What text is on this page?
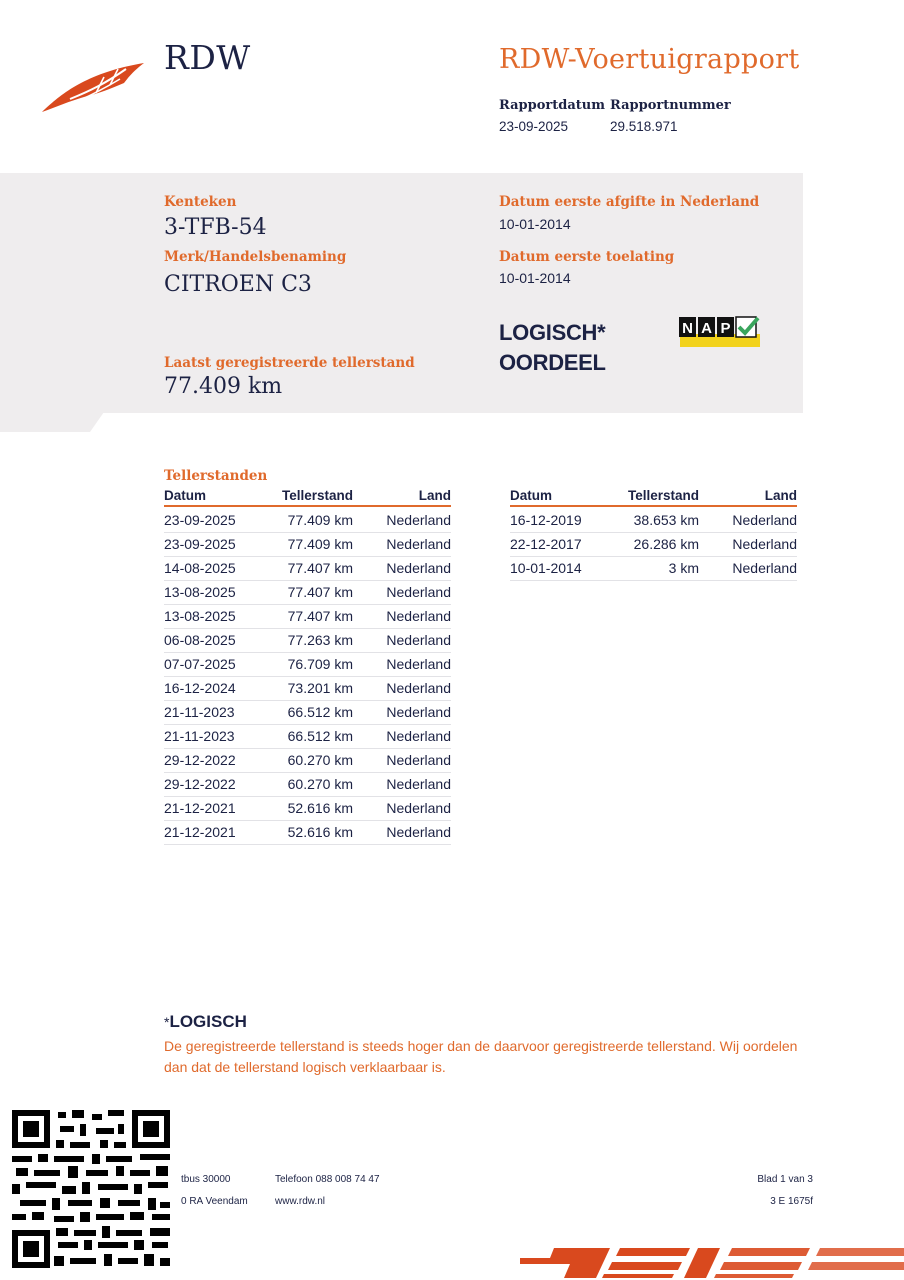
RDW	RDW-Voertuigrapport
Rapportdatum
23-09-2025
Rapportnummer
29.518.971
Kenteken
3-TFB-54
Merk/Handelsbenaming
CITROEN C3
Laatst geregistreerde tellerstand
77.409 km
Datum eerste afgifte in Nederland
10-01-2014
Datum eerste toelating
10-01-2014
LOGISCH*
OORDEEL
N A P
Tellerstanden
Datum	Tellerstand	Land
23-09-2025	77.409 km	Nederland
23-09-2025	77.409 km	Nederland
14-08-2025	77.407 km	Nederland
13-08-2025	77.407 km	Nederland
13-08-2025	77.407 km	Nederland
06-08-2025	77.263 km	Nederland
07-07-2025	76.709 km	Nederland
16-12-2024	73.201 km	Nederland
21-11-2023	66.512 km	Nederland
21-11-2023	66.512 km	Nederland
29-12-2022	60.270 km	Nederland
29-12-2022	60.270 km	Nederland
21-12-2021	52.616 km	Nederland
21-12-2021	52.616 km	Nederland
Datum	Tellerstand	Land
16-12-2019	38.653 km	Nederland
22-12-2017	26.286 km	Nederland
10-01-2014	3 km	Nederland
*LOGISCH
De geregistreerde tellerstand is steeds hoger dan de daarvoor geregistreerde tellerstand. Wij oordelen dan dat de tellerstand logisch verklaarbaar is.
tbus 30000
0 RA Veendam
Telefoon 088 008 74 47
www.rdw.nl
Blad 1 van 3
3 E 1675f
